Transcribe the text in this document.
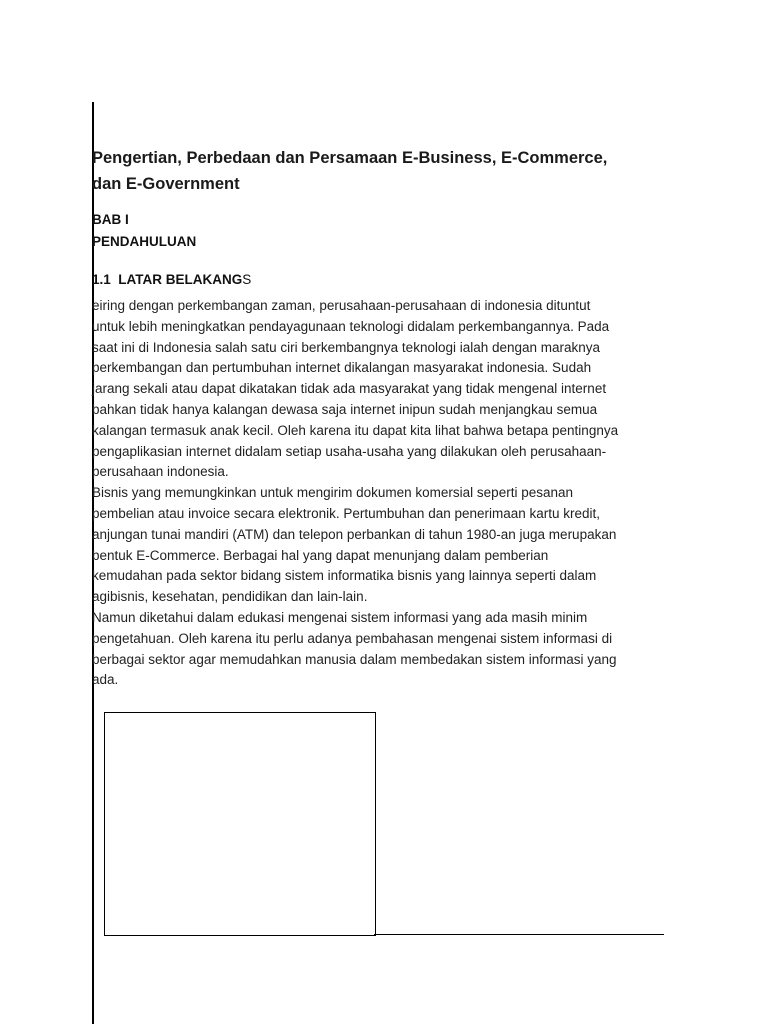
Pengertian, Perbedaan dan Persamaan E-Business, E-Commerce,
dan E-Government
BAB I
PENDAHULUAN
1.1 LATAR BELAKANGS
eiring dengan perkembangan zaman, perusahaan-perusahaan di indonesia dituntut
untuk lebih meningkatkan pendayagunaan teknologi didalam perkembangannya. Pada
saat ini di Indonesia salah satu ciri berkembangnya teknologi ialah dengan maraknya
perkembangan dan pertumbuhan internet dikalangan masyarakat indonesia. Sudah
jarang sekali atau dapat dikatakan tidak ada masyarakat yang tidak mengenal internet
bahkan tidak hanya kalangan dewasa saja internet inipun sudah menjangkau semua
kalangan termasuk anak kecil. Oleh karena itu dapat kita lihat bahwa betapa pentingnya
pengaplikasian internet didalam setiap usaha-usaha yang dilakukan oleh perusahaan-
perusahaan indonesia.
Bisnis yang memungkinkan untuk mengirim dokumen komersial seperti pesanan
pembelian atau invoice secara elektronik. Pertumbuhan dan penerimaan kartu kredit,
anjungan tunai mandiri (ATM) dan telepon perbankan di tahun 1980-an juga merupakan
bentuk E-Commerce. Berbagai hal yang dapat menunjang dalam pemberian
kemudahan pada sektor bidang sistem informatika bisnis yang lainnya seperti dalam
agibisnis, kesehatan, pendidikan dan lain-lain.
Namun diketahui dalam edukasi mengenai sistem informasi yang ada masih minim
pengetahuan. Oleh karena itu perlu adanya pembahasan mengenai sistem informasi di
berbagai sektor agar memudahkan manusia dalam membedakan sistem informasi yang
ada.
